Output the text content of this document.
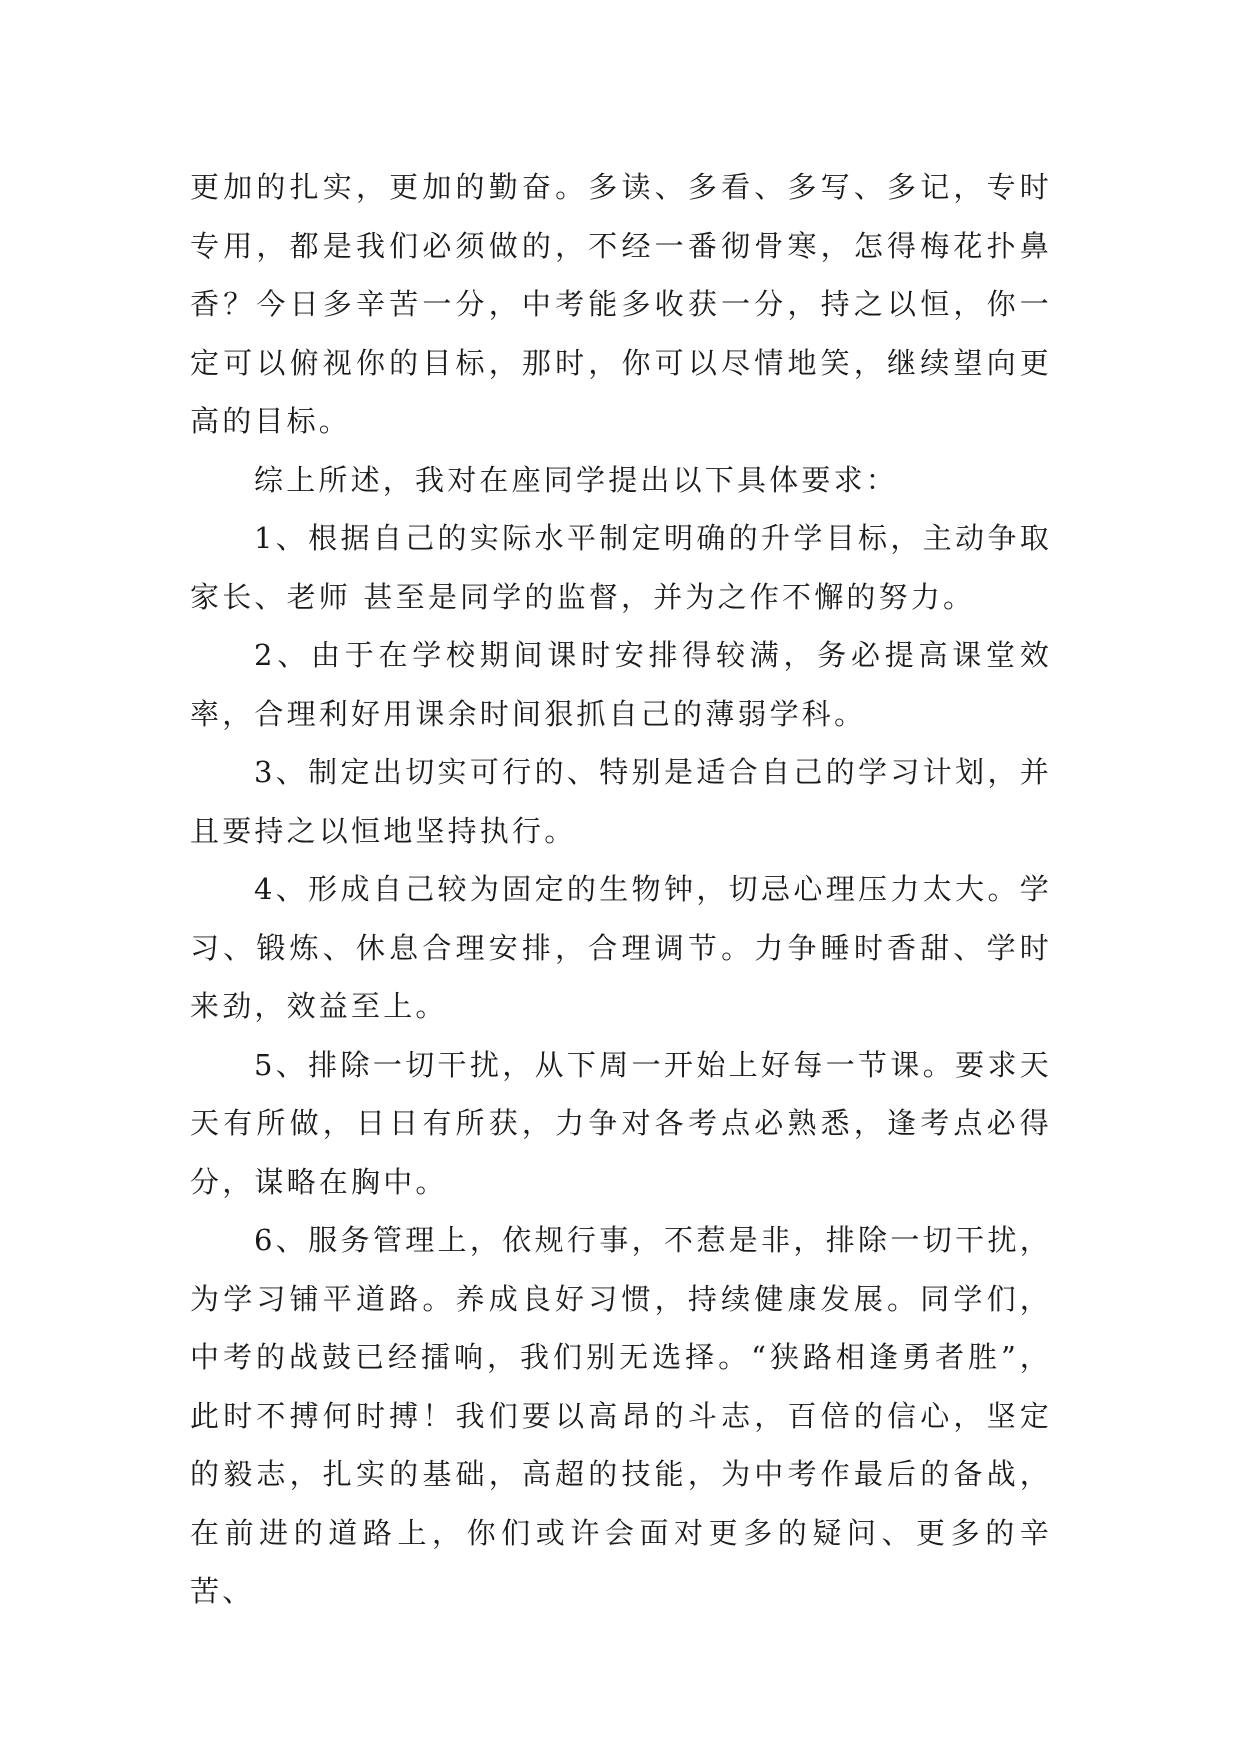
更加的扎实，更加的勤奋。多读、多看、多写、多记，专时专用，都是我们必须做的，不经一番彻骨寒，怎得梅花扑鼻香？今日多辛苦一分，中考能多收获一分，持之以恒，你一定可以俯视你的目标，那时，你可以尽情地笑，继续望向更高的目标。

综上所述，我对在座同学提出以下具体要求：

1、根据自己的实际水平制定明确的升学目标，主动争取家长、老师 甚至是同学的监督，并为之作不懈的努力。

2、由于在学校期间课时安排得较满，务必提高课堂效率，合理利好用课余时间狠抓自己的薄弱学科。

3、制定出切实可行的、特别是适合自己的学习计划，并且要持之以恒地坚持执行。

4、形成自己较为固定的生物钟，切忌心理压力太大。学习、锻炼、休息合理安排，合理调节。力争睡时香甜、学时来劲，效益至上。

5、排除一切干扰，从下周一开始上好每一节课。要求天天有所做，日日有所获，力争对各考点必熟悉，逢考点必得分，谋略在胸中。

6、服务管理上，依规行事，不惹是非，排除一切干扰，为学习铺平道路。养成良好习惯，持续健康发展。同学们，中考的战鼓已经擂响，我们别无选择。“狭路相逢勇者胜”，此时不搏何时搏！我们要以高昂的斗志，百倍的信心，坚定的毅志，扎实的基础，高超的技能，为中考作最后的备战，在前进的道路上，你们或许会面对更多的疑问、更多的辛苦、
